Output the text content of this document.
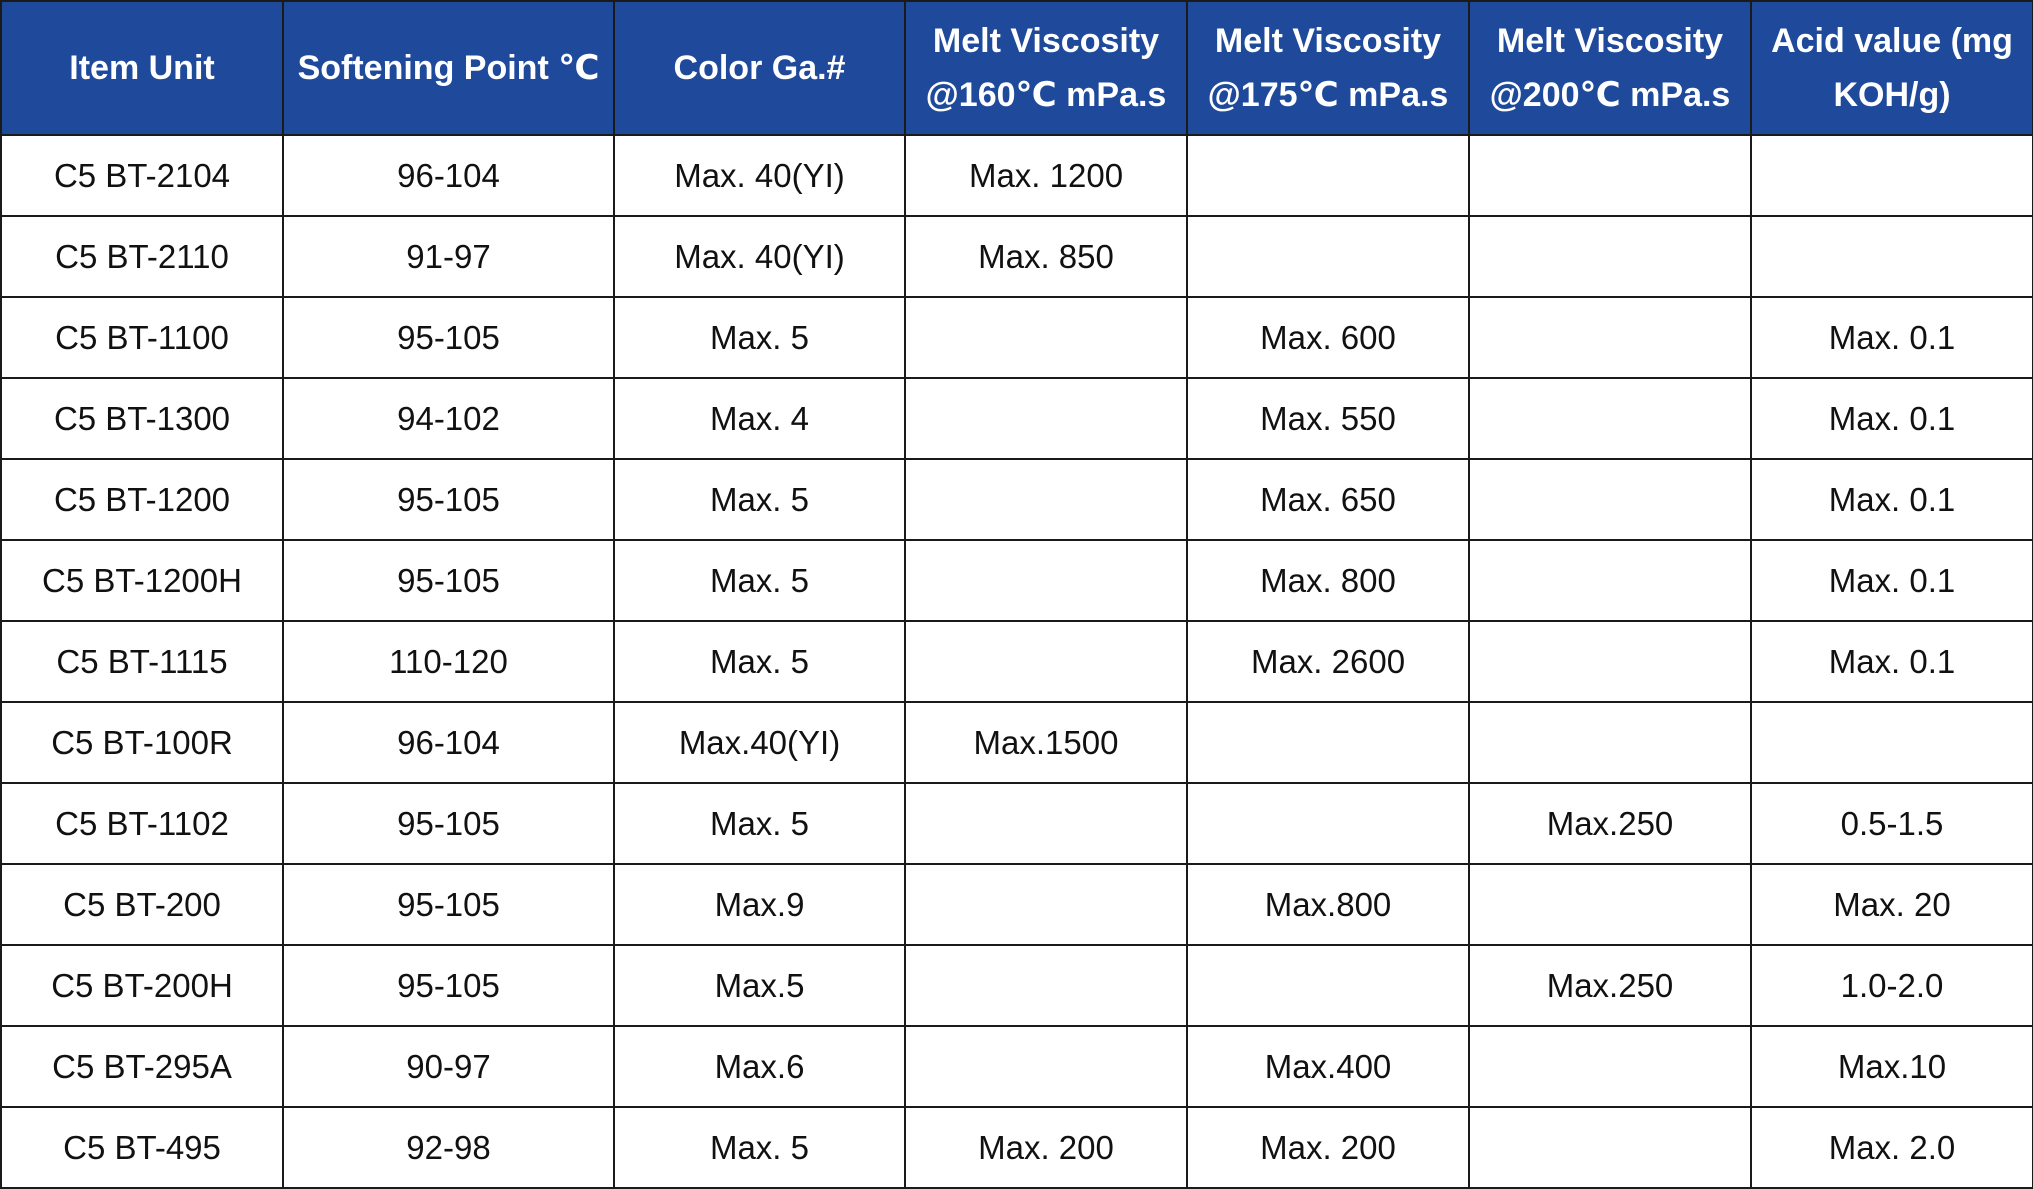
Item Unit	Softening Point ℃	Color Ga.#	Melt Viscosity @160℃ mPa.s	Melt Viscosity @175℃ mPa.s	Melt Viscosity @200℃ mPa.s	Acid value (mg KOH/g)
C5 BT-2104	96-104	Max. 40(YI)	Max. 1200			
C5 BT-2110	91-97	Max. 40(YI)	Max. 850			
C5 BT-1100	95-105	Max. 5		Max. 600		Max. 0.1
C5 BT-1300	94-102	Max. 4		Max. 550		Max. 0.1
C5 BT-1200	95-105	Max. 5		Max. 650		Max. 0.1
C5 BT-1200H	95-105	Max. 5		Max. 800		Max. 0.1
C5 BT-1115	110-120	Max. 5		Max. 2600		Max. 0.1
C5 BT-100R	96-104	Max.40(YI)	Max.1500			
C5 BT-1102	95-105	Max. 5			Max.250	0.5-1.5
C5 BT-200	95-105	Max.9		Max.800		Max. 20
C5 BT-200H	95-105	Max.5			Max.250	1.0-2.0
C5 BT-295A	90-97	Max.6		Max.400		Max.10
C5 BT-495	92-98	Max. 5	Max. 200	Max. 200		Max. 2.0
